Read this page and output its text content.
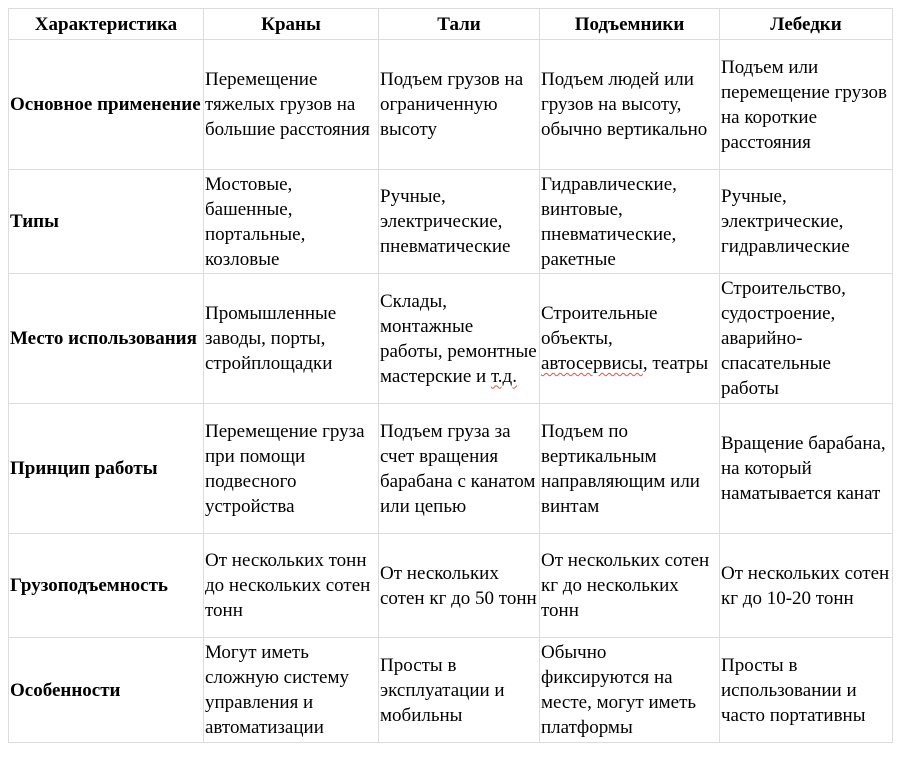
Характеристика	Краны	Тали	Подъемники	Лебедки
Основное применение	Перемещение тяжелых грузов на большие расстояния	Подъем грузов на ограниченную высоту	Подъем людей или грузов на высоту, обычно вертикально	Подъем или перемещение грузов на короткие расстояния
Типы	Мостовые, башенные, портальные, козловые	Ручные, электрические, пневматические	Гидравлические, винтовые, пневматические, ракетные	Ручные, электрические, гидравлические
Место использования	Промышленные заводы, порты, стройплощадки	Склады, монтажные работы, ремонтные мастерские и т.д.	Строительные объекты, автосервисы, театры	Строительство, судостроение, аварийно-спасательные работы
Принцип работы	Перемещение груза при помощи подвесного устройства	Подъем груза за счет вращения барабана с канатом или цепью	Подъем по вертикальным направляющим или винтам	Вращение барабана, на который наматывается канат
Грузоподъемность	От нескольких тонн до нескольких сотен тонн	От нескольких сотен кг до 50 тонн	От нескольких сотен кг до нескольких тонн	От нескольких сотен кг до 10-20 тонн
Особенности	Могут иметь сложную систему управления и автоматизации	Просты в эксплуатации и мобильны	Обычно фиксируются на месте, могут иметь платформы	Просты в использовании и часто портативны
